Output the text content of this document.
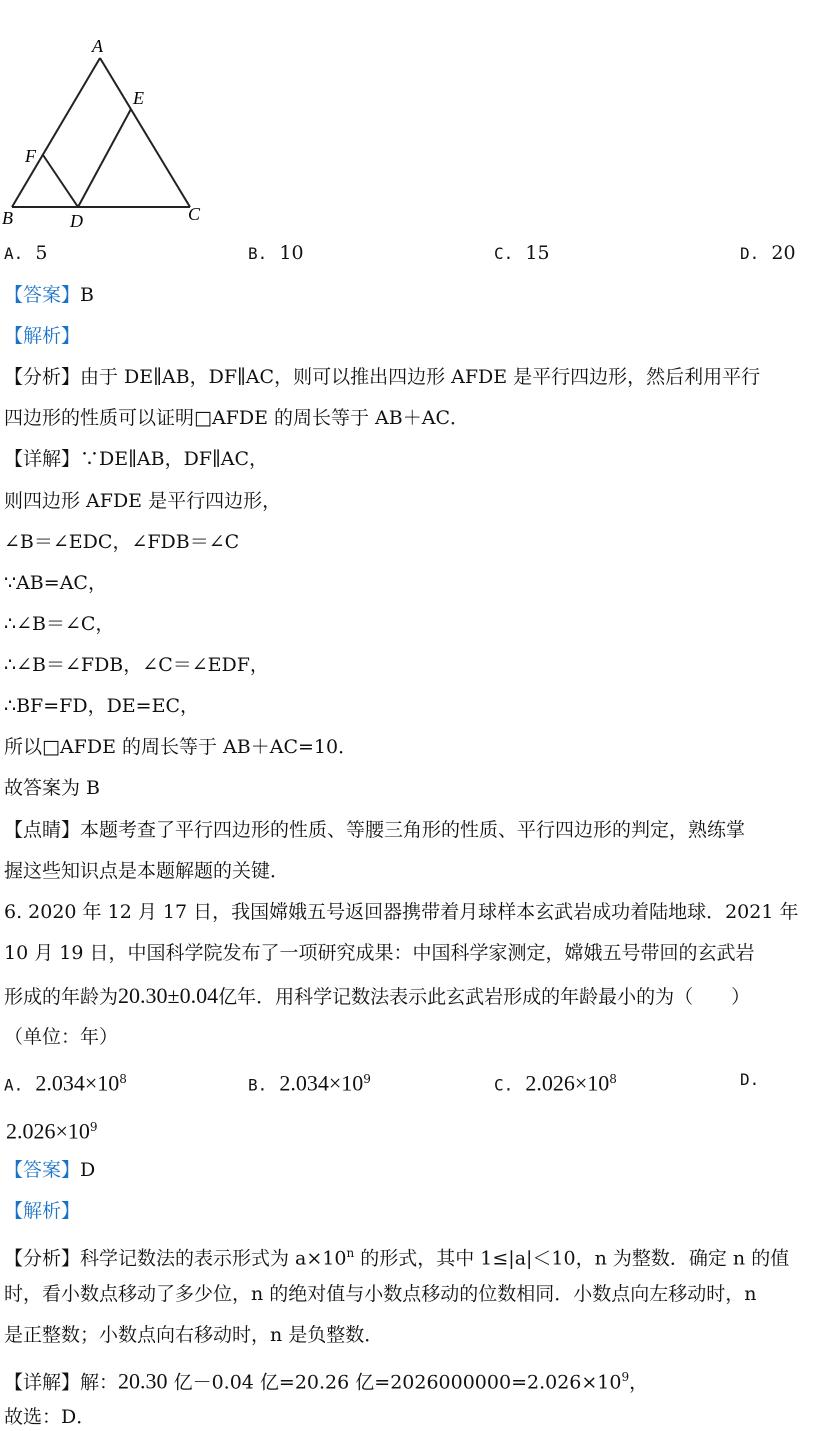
A
B	C
D
E
F
A. 5	B. 10	C. 15	D. 20
【答案】B
【解析】
【分析】由于 DE∥AB，DF∥AC，则可以推出四边形 AFDE 是平行四边形，然后利用平行
四边形的性质可以证明□AFDE 的周长等于 AB＋AC．
【详解】∵DE∥AB，DF∥AC，
则四边形 AFDE 是平行四边形，
∠B＝∠EDC，∠FDB＝∠C
∵AB=AC，
∴∠B＝∠C，
∴∠B＝∠FDB，∠C＝∠EDF，
∴BF=FD，DE=EC，
所以□AFDE 的周长等于 AB＋AC=10．
故答案为 B
【点睛】本题考查了平行四边形的性质、等腰三角形的性质、平行四边形的判定，熟练掌
握这些知识点是本题解题的关键．
6. 2020 年 12 月 17 日，我国嫦娥五号返回器携带着月球样本玄武岩成功着陆地球．2021 年
10 月 19 日，中国科学院发布了一项研究成果：中国科学家测定，嫦娥五号带回的玄武岩
形成的年龄为20.30±0.04亿年．用科学记数法表示此玄武岩形成的年龄最小的为（　　）
（单位：年）
A. $2.034\times 10^8$	B. $2.034\times 10^9$	C. $2.026\times 10^8$	D.
$2.026\times 10^9$
【答案】D
【解析】
【分析】科学记数法的表示形式为 $a\times 10^n$ 的形式，其中 1≤|a|＜10，n 为整数．确定 n 的值
时，看小数点移动了多少位，n 的绝对值与小数点移动的位数相同．小数点向左移动时，n
是正整数；小数点向右移动时，n 是负整数．
【详解】解：20.30 亿－0.04 亿=20.26 亿$=2026000000=2.026\times 10^9$，
故选：D．
